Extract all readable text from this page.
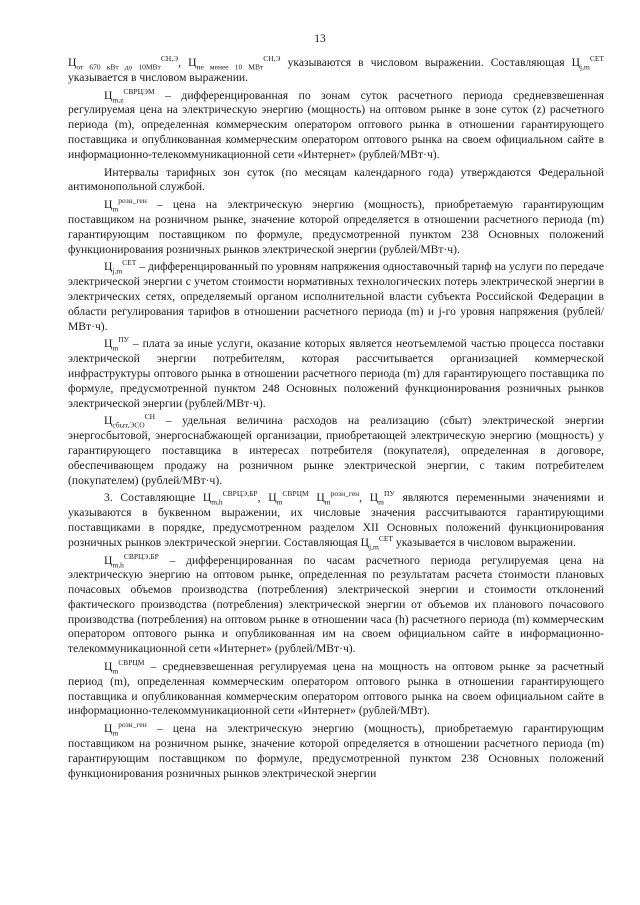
13

$Ц_{от 670 кВт до 10МВт}^{СН,Э}$, $Ц_{не менее 10 МВт}^{СН,Э}$ указываются в числовом выражении. Составляющая $Ц_{j,m}^{СЕТ}$ указывается в числовом выражении.

$Ц_{m,z}^{СВРЦЭМ}$ – дифференцированная по зонам суток расчетного периода средневзвешенная регулируемая цена на электрическую энергию (мощность) на оптовом рынке в зоне суток (z) расчетного периода (m), определенная коммерческим оператором оптового рынка в отношении гарантирующего поставщика и опубликованная коммерческим оператором оптового рынка на своем официальном сайте в информационно-телекоммуникационной сети «Интернет» (рублей/МВт·ч).

Интервалы тарифных зон суток (по месяцам календарного года) утверждаются Федеральной антимонопольной службой.

$Ц_m^{розн\_ген}$ – цена на электрическую энергию (мощность), приобретаемую гарантирующим поставщиком на розничном рынке, значение которой определяется в отношении расчетного периода (m) гарантирующим поставщиком по формуле, предусмотренной пунктом 238 Основных положений функционирования розничных рынков электрической энергии (рублей/МВт·ч).

$Ц_{j,m}^{СЕТ}$ – дифференцированный по уровням напряжения одноставочный тариф на услуги по передаче электрической энергии с учетом стоимости нормативных технологических потерь электрической энергии в электрических сетях, определяемый органом исполнительной власти субъекта Российской Федерации в области регулирования тарифов в отношении расчетного периода (m) и j-го уровня напряжения (рублей/МВт·ч).

$Ц_m^{ПУ}$ – плата за иные услуги, оказание которых является неотъемлемой частью процесса поставки электрической энергии потребителям, которая рассчитывается организацией коммерческой инфраструктуры оптового рынка в отношении расчетного периода (m) для гарантирующего поставщика по формуле, предусмотренной пунктом 248 Основных положений функционирования розничных рынков электрической энергии (рублей/МВт·ч).

$Ц_{сбыт,ЭСО}^{СН}$ – удельная величина расходов на реализацию (сбыт) электрической энергии энергосбытовой, энергоснабжающей организации, приобретающей электрическую энергию (мощность) у гарантирующего поставщика в интересах потребителя (покупателя), определенная в договоре, обеспечивающем продажу на розничном рынке электрической энергии, с таким потребителем (покупателем) (рублей/МВт·ч).

3. Составляющие $Ц_{m,h}^{СВРЦЭ,БР}$, $Ц_m^{СВРЦМ}$ $Ц_m^{розн\_ген}$, $Ц_m^{ПУ}$ являются переменными значениями и указываются в буквенном выражении, их числовые значения рассчитываются гарантирующими поставщиками в порядке, предусмотренном разделом XII Основных положений функционирования розничных рынков электрической энергии. Составляющая $Ц_{j,m}^{СЕТ}$ указывается в числовом выражении.

$Ц_{m,h}^{СВРЦЭ,БР}$ – дифференцированная по часам расчетного периода регулируемая цена на электрическую энергию на оптовом рынке, определенная по результатам расчета стоимости плановых почасовых объемов производства (потребления) электрической энергии и стоимости отклонений фактического производства (потребления) электрической энергии от объемов их планового почасового производства (потребления) на оптовом рынке в отношении часа (h) расчетного периода (m) коммерческим оператором оптового рынка и опубликованная им на своем официальном сайте в информационно-телекоммуникационной сети «Интернет» (рублей/МВт·ч).

$Ц_m^{СВРЦМ}$ – средневзвешенная регулируемая цена на мощность на оптовом рынке за расчетный период (m), определенная коммерческим оператором оптового рынка в отношении гарантирующего поставщика и опубликованная коммерческим оператором оптового рынка на своем официальном сайте в информационно-телекоммуникационной сети «Интернет» (рублей/МВт).

$Ц_m^{розн\_ген}$ – цена на электрическую энергию (мощность), приобретаемую гарантирующим поставщиком на розничном рынке, значение которой определяется в отношении расчетного периода (m) гарантирующим поставщиком по формуле, предусмотренной пунктом 238 Основных положений функционирования розничных рынков электрической энергии
